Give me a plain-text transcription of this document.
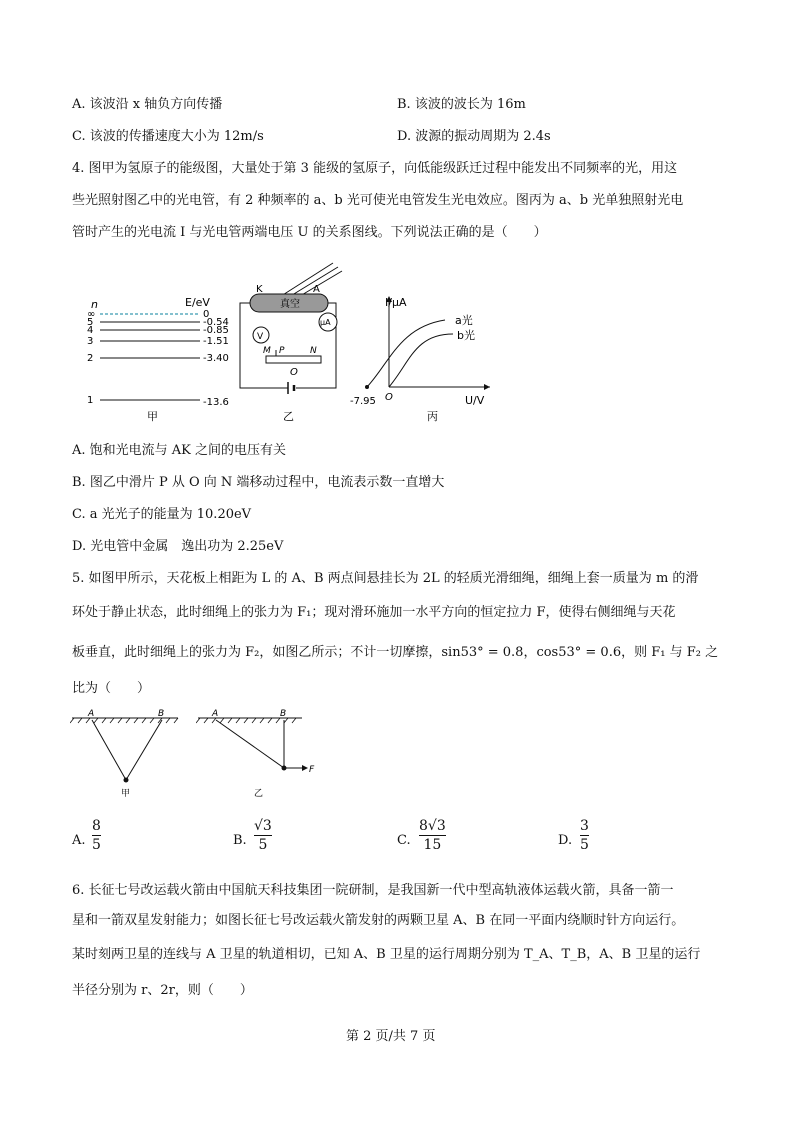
A. 该波沿 x 轴负方向传播	B. 该波的波长为 16m
C. 该波的传播速度大小为 12m/s	D. 波源的振动周期为 2.4s
4. 图甲为氢原子的能级图，大量处于第 3 能级的氢原子，向低能级跃迁过程中能发出不同频率的光，用这
些光照射图乙中的光电管，有 2 种频率的 a、b 光可使光电管发生光电效应。图丙为 a、b 光单独照射光电
管时产生的光电流 I 与光电管两端电压 U 的关系图线。下列说法正确的是（　　）
n	E/eV
∞
5
4
3
2
1
0
-0.54
-0.85
-1.51
-3.40
-13.6
甲
K	A
真空
V
μA
M P	N
O
乙
I/μA
U/V
a光
b光
-7.95 O
丙
A. 饱和光电流与 AK 之间的电压有关
B. 图乙中滑片 P 从 O 向 N 端移动过程中，电流表示数一直增大
C. a 光光子的能量为 10.20eV
D. 光电管中金属　逸出功为 2.25eV
5. 如图甲所示，天花板上相距为 L 的 A、B 两点间悬挂长为 2L 的轻质光滑细绳，细绳上套一质量为 m 的滑
环处于静止状态，此时细绳上的张力为 F₁；现对滑环施加一水平方向的恒定拉力 F，使得右侧细绳与天花
板垂直，此时细绳上的张力为 F₂，如图乙所示；不计一切摩擦，sin53° = 0.8，cos53° = 0.6，则 F₁ 与 F₂ 之
比为（　　）
A	B
甲
F
A	B
乙
A.
8
5	B.
√3
5	C.
8√3
15	D.
3
5
6. 长征七号改运载火箭由中国航天科技集团一院研制，是我国新一代中型高轨液体运载火箭，具备一箭一
星和一箭双星发射能力；如图长征七号改运载火箭发射的两颗卫星 A、B 在同一平面内绕顺时针方向运行。
某时刻两卫星的连线与 A 卫星的轨道相切，已知 A、B 卫星的运行周期分别为 T_A、T_B，A、B 卫星的运行
半径分别为 r、2r，则（　　）
第 2 页/共 7 页
